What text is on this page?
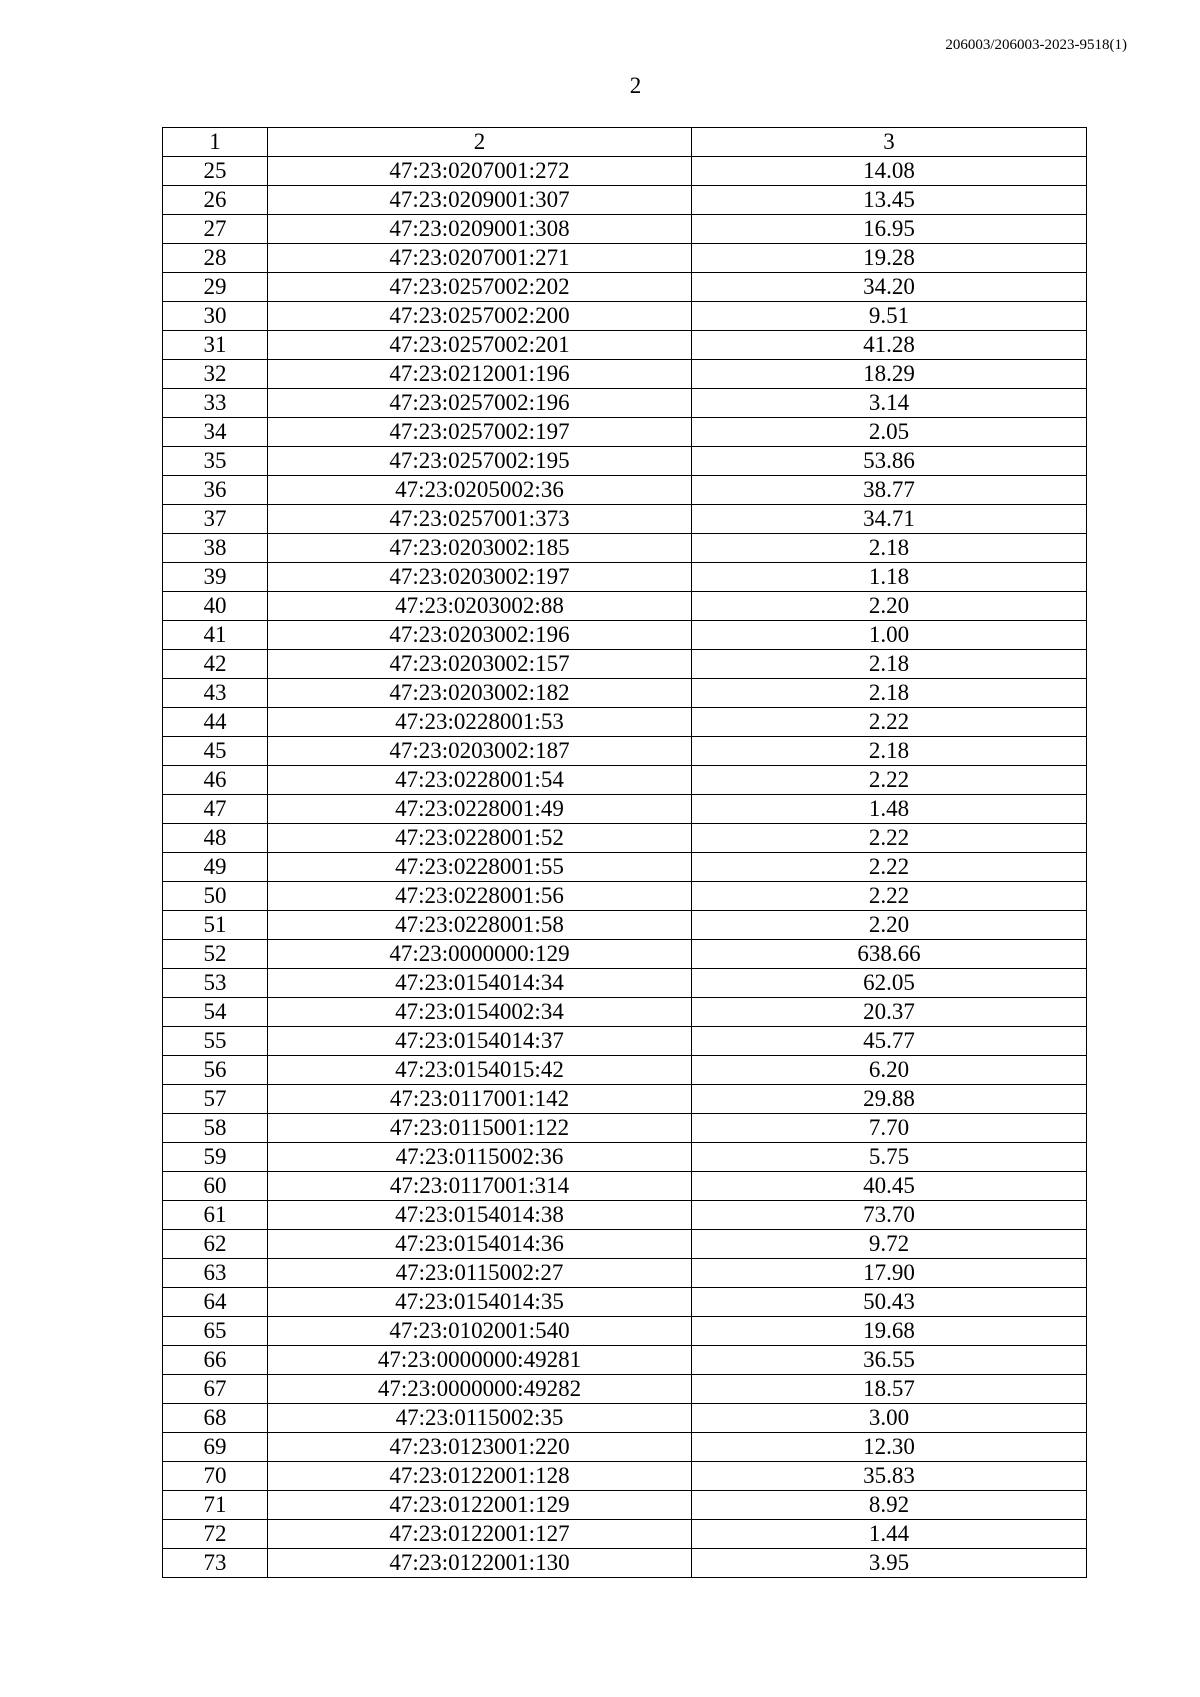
206003/206003-2023-9518(1)
2
1	2	3
25	47:23:0207001:272	14.08
26	47:23:0209001:307	13.45
27	47:23:0209001:308	16.95
28	47:23:0207001:271	19.28
29	47:23:0257002:202	34.20
30	47:23:0257002:200	9.51
31	47:23:0257002:201	41.28
32	47:23:0212001:196	18.29
33	47:23:0257002:196	3.14
34	47:23:0257002:197	2.05
35	47:23:0257002:195	53.86
36	47:23:0205002:36	38.77
37	47:23:0257001:373	34.71
38	47:23:0203002:185	2.18
39	47:23:0203002:197	1.18
40	47:23:0203002:88	2.20
41	47:23:0203002:196	1.00
42	47:23:0203002:157	2.18
43	47:23:0203002:182	2.18
44	47:23:0228001:53	2.22
45	47:23:0203002:187	2.18
46	47:23:0228001:54	2.22
47	47:23:0228001:49	1.48
48	47:23:0228001:52	2.22
49	47:23:0228001:55	2.22
50	47:23:0228001:56	2.22
51	47:23:0228001:58	2.20
52	47:23:0000000:129	638.66
53	47:23:0154014:34	62.05
54	47:23:0154002:34	20.37
55	47:23:0154014:37	45.77
56	47:23:0154015:42	6.20
57	47:23:0117001:142	29.88
58	47:23:0115001:122	7.70
59	47:23:0115002:36	5.75
60	47:23:0117001:314	40.45
61	47:23:0154014:38	73.70
62	47:23:0154014:36	9.72
63	47:23:0115002:27	17.90
64	47:23:0154014:35	50.43
65	47:23:0102001:540	19.68
66	47:23:0000000:49281	36.55
67	47:23:0000000:49282	18.57
68	47:23:0115002:35	3.00
69	47:23:0123001:220	12.30
70	47:23:0122001:128	35.83
71	47:23:0122001:129	8.92
72	47:23:0122001:127	1.44
73	47:23:0122001:130	3.95
